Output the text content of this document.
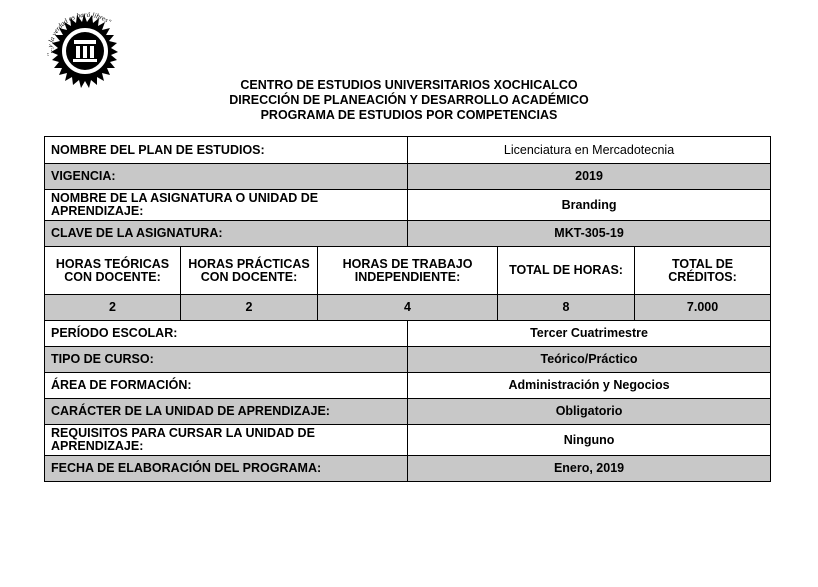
"...y la verdad os hará libres"
CENTRO DE ESTUDIOS UNIVERSITARIOS XOCHICALCO
DIRECCIÓN DE PLANEACIÓN Y DESARROLLO ACADÉMICO
PROGRAMA DE ESTUDIOS POR COMPETENCIAS
NOMBRE DEL PLAN DE ESTUDIOS:			Licenciatura en Mercadotecnia		
VIGENCIA:			2019		
NOMBRE DE LA ASIGNATURA O UNIDAD DE APRENDIZAJE:			Branding		
CLAVE DE LA ASIGNATURA:			MKT-305-19		
HORAS TEÓRICAS CON DOCENTE:	HORAS PRÁCTICAS CON DOCENTE:	HORAS DE TRABAJO INDEPENDIENTE:		TOTAL DE HORAS:	TOTAL DE CRÉDITOS:
2	2	4		8	7.000
PERÍODO ESCOLAR:			Tercer Cuatrimestre		
TIPO DE CURSO:			Teórico/Práctico		
ÁREA DE FORMACIÓN:			Administración y Negocios		
CARÁCTER DE LA UNIDAD DE APRENDIZAJE:			Obligatorio		
REQUISITOS PARA CURSAR LA UNIDAD DE APRENDIZAJE:			Ninguno		
FECHA DE ELABORACIÓN DEL PROGRAMA:			Enero, 2019		
